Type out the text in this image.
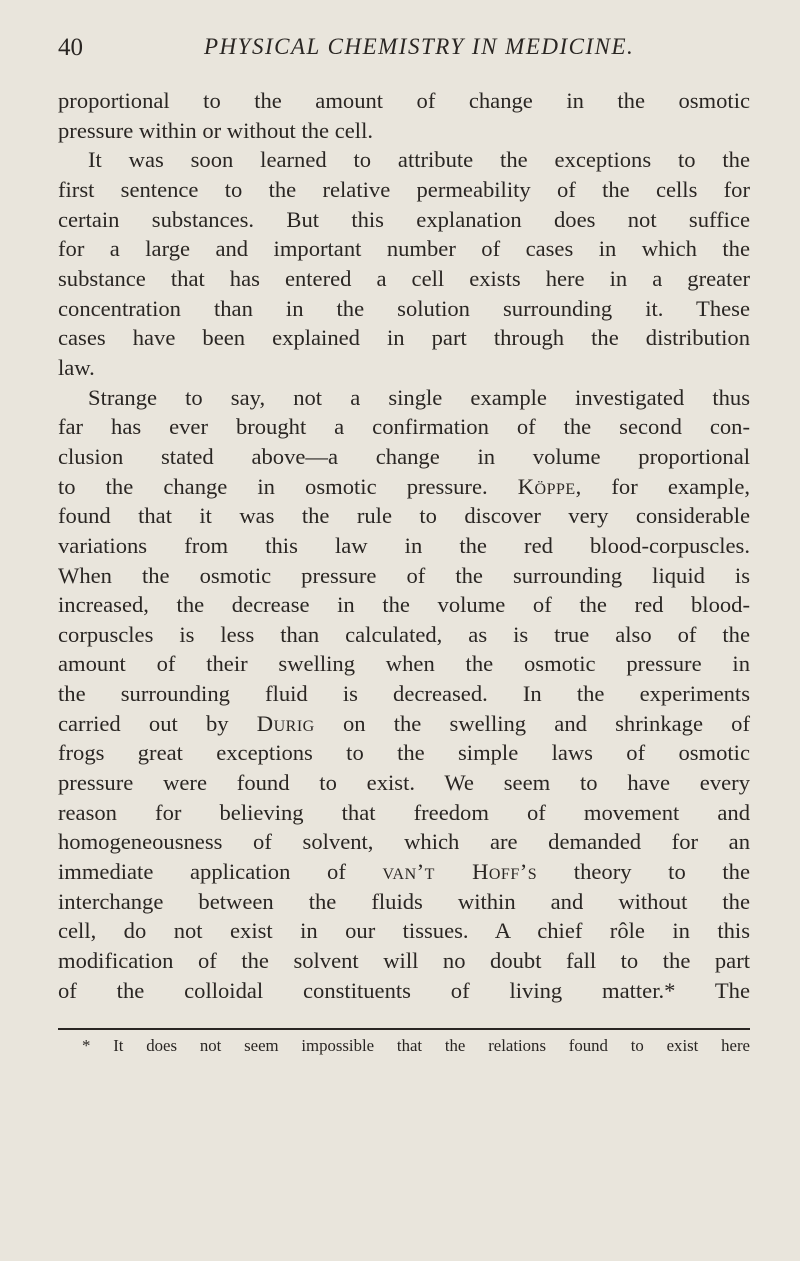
40	PHYSICAL CHEMISTRY IN MEDICINE.
proportional to the amount of change in the osmotic
pressure within or without the cell.
It was soon learned to attribute the exceptions to the
first sentence to the relative permeability of the cells for
certain substances. But this explanation does not suffice
for a large and important number of cases in which the
substance that has entered a cell exists here in a greater
concentration than in the solution surrounding it. These
cases have been explained in part through the distribution
law.
Strange to say, not a single example investigated thus
far has ever brought a confirmation of the second con-
clusion stated above—a change in volume proportional
to the change in osmotic pressure. Köppe, for example,
found that it was the rule to discover very considerable
variations from this law in the red blood-corpuscles.
When the osmotic pressure of the surrounding liquid is
increased, the decrease in the volume of the red blood-
corpuscles is less than calculated, as is true also of the
amount of their swelling when the osmotic pressure in
the surrounding fluid is decreased. In the experiments
carried out by Durig on the swelling and shrinkage of
frogs great exceptions to the simple laws of osmotic
pressure were found to exist. We seem to have every
reason for believing that freedom of movement and
homogeneousness of solvent, which are demanded for an
immediate application of van’t Hoff’s theory to the
interchange between the fluids within and without the
cell, do not exist in our tissues. A chief rôle in this
modification of the solvent will no doubt fall to the part
of the colloidal constituents of living matter.* The
* It does not seem impossible that the relations found to exist here
